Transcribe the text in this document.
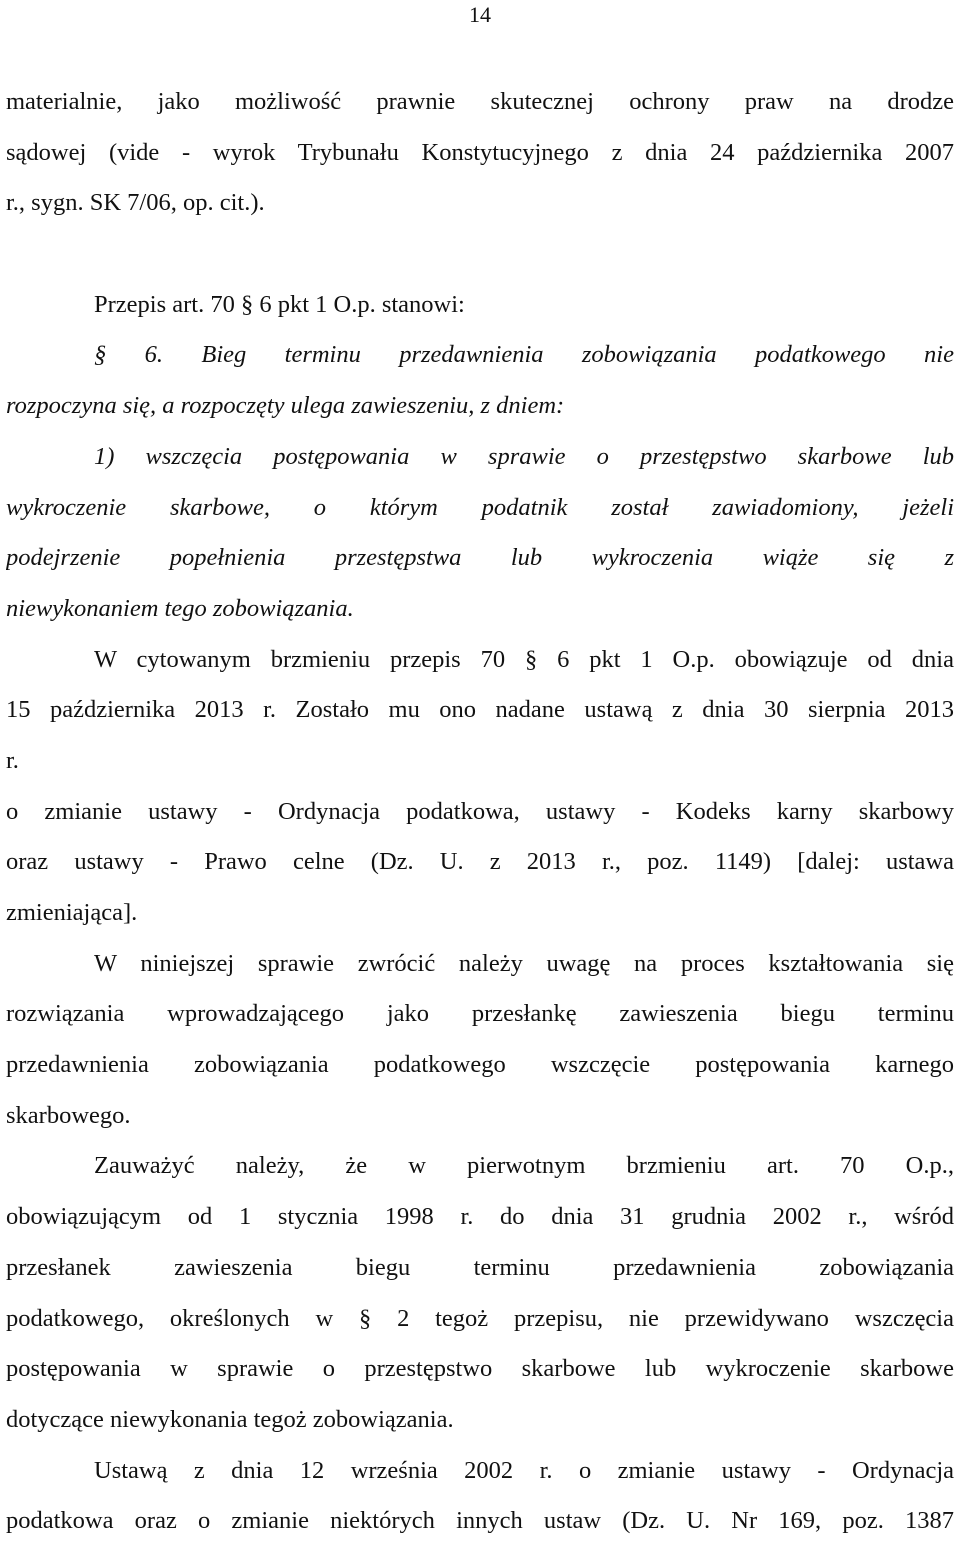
14
materialnie, jako możliwość prawnie skutecznej ochrony praw na drodze
sądowej (vide - wyrok Trybunału Konstytucyjnego z dnia 24 października 2007
r., sygn. SK 7/06, op. cit.).
Przepis art. 70 § 6 pkt 1 O.p. stanowi:
§ 6. Bieg terminu przedawnienia zobowiązania podatkowego nie
rozpoczyna się, a rozpoczęty ulega zawieszeniu, z dniem:
1) wszczęcia postępowania w sprawie o przestępstwo skarbowe lub
wykroczenie skarbowe, o którym podatnik został zawiadomiony, jeżeli
podejrzenie popełnienia przestępstwa lub wykroczenia wiąże się z
niewykonaniem tego zobowiązania.
W cytowanym brzmieniu przepis 70 § 6 pkt 1 O.p. obowiązuje od dnia
15 października 2013 r. Zostało mu ono nadane ustawą z dnia 30 sierpnia 2013
r.
o zmianie ustawy - Ordynacja podatkowa, ustawy - Kodeks karny skarbowy
oraz ustawy - Prawo celne (Dz. U. z 2013 r., poz. 1149) [dalej: ustawa
zmieniająca].
W niniejszej sprawie zwrócić należy uwagę na proces kształtowania się
rozwiązania wprowadzającego jako przesłankę zawieszenia biegu terminu
przedawnienia zobowiązania podatkowego wszczęcie postępowania karnego
skarbowego.
Zauważyć należy, że w pierwotnym brzmieniu art. 70 O.p.,
obowiązującym od 1 stycznia 1998 r. do dnia 31 grudnia 2002 r., wśród
przesłanek zawieszenia biegu terminu przedawnienia zobowiązania
podatkowego, określonych w § 2 tegoż przepisu, nie przewidywano wszczęcia
postępowania w sprawie o przestępstwo skarbowe lub wykroczenie skarbowe
dotyczące niewykonania tegoż zobowiązania.
Ustawą z dnia 12 września 2002 r. o zmianie ustawy - Ordynacja
podatkowa oraz o zmianie niektórych innych ustaw (Dz. U. Nr 169, poz. 1387
